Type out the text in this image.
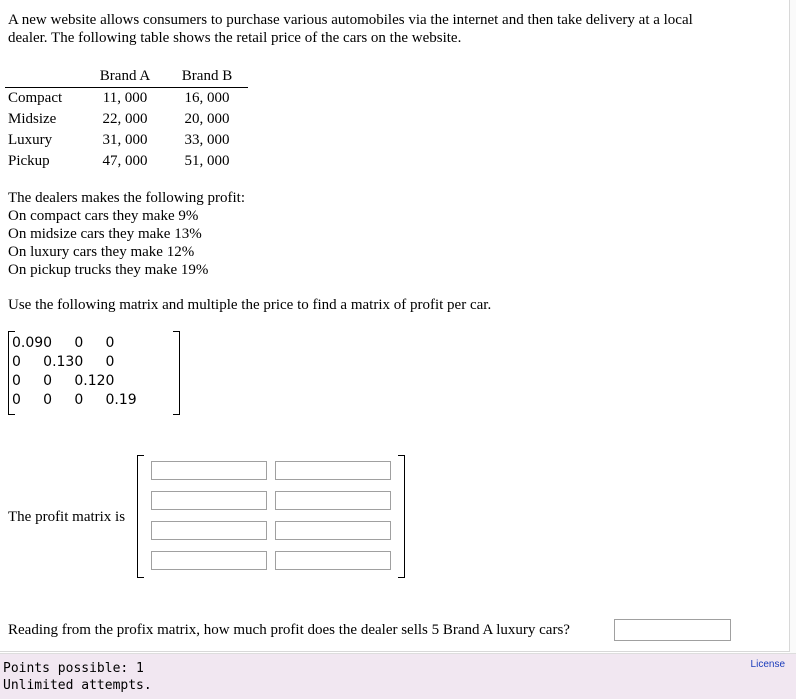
A new website allows consumers to purchase various automobiles via the internet and then take delivery at a local
dealer. The following table shows the retail price of the cars on the website.
	Brand A	Brand B
Compact	11, 000	16, 000
Midsize	22, 000	20, 000
Luxury	31, 000	33, 000
Pickup	47, 000	51, 000
The dealers makes the following profit:
On compact cars they make 9%
On midsize cars they make 13%
On luxury cars they make 12%
On pickup trucks they make 19%
Use the following matrix and multiple the price to find a matrix of profit per car.
0.09	0	0	0
0	0.13	0	0
0	0	0.12	0
0	0	0	0.19
The profit matrix is
Reading from the profix matrix, how much profit does the dealer sells 5 Brand A luxury cars?
Points possible: 1
Unlimited attempts.
License
